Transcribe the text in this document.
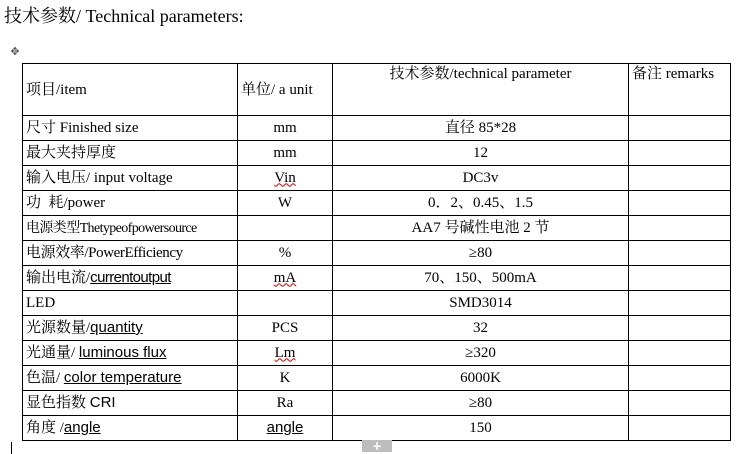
技术参数/ Technical parameters:
✥
项目/item	单位/ a unit	技术参数/technical parameter	备注 remarks
尺寸 Finished size	mm	直径 85*28	
最大夹持厚度	mm	12	
输入电压/ input voltage	Vin	DC3v	
功  耗/power	W	0．2、0.45、1.5	
电源类型Thetypeofpowersource		AA7 号碱性电池 2 节	
电源效率/PowerEfficiency	%	≥80	
输出电流/currentoutput	mA	70、150、500mA	
LED		SMD3014	
光源数量/quantity	PCS	32	
光通量/ luminous flux	Lm	≥320	
色温/ color temperature	K	6000K	
显色指数 CRI	Ra	≥80	
角度 /angle	angle	150	
+
